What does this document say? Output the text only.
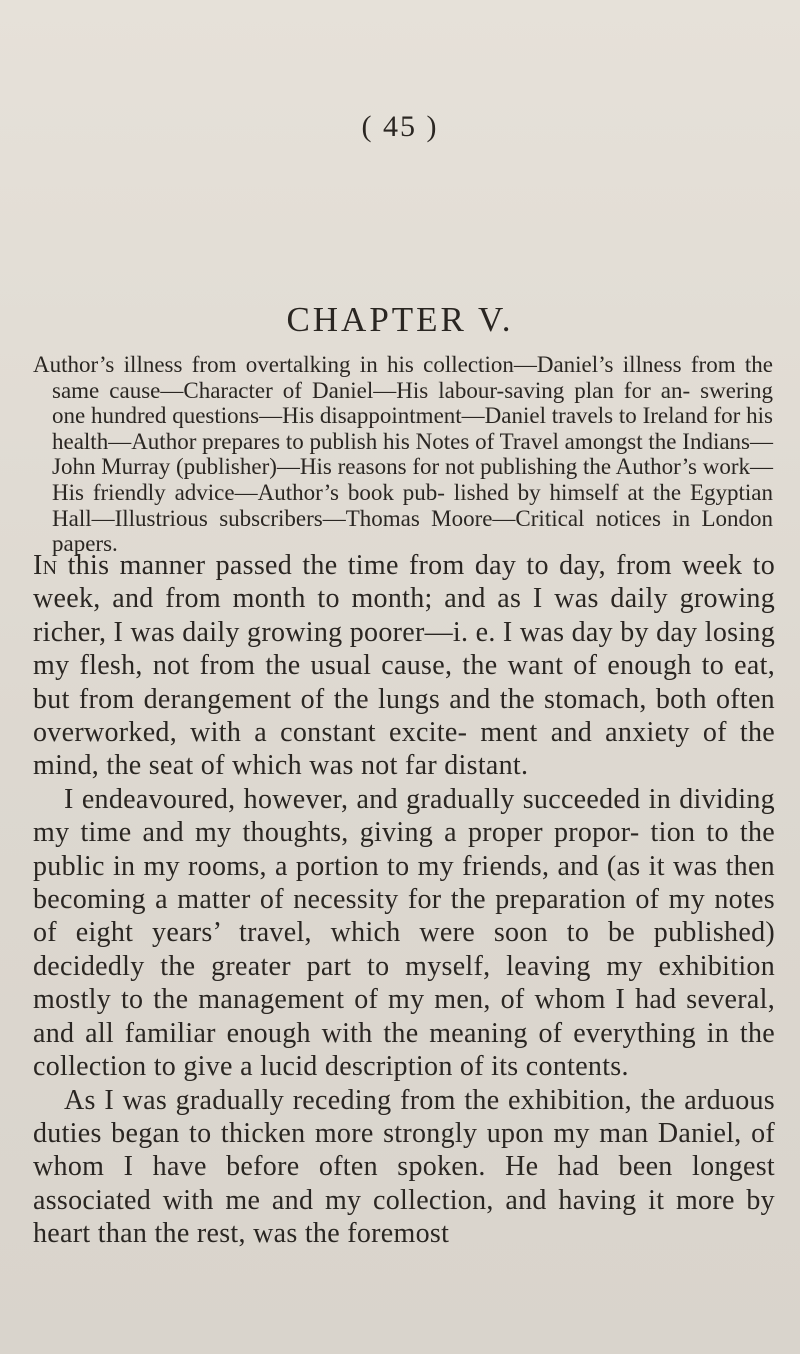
( 45 )
CHAPTER V.

Author’s illness from overtalking in his collection—Daniel’s illness from the same cause—Character of Daniel—His labour-saving plan for an- swering one hundred questions—His disappointment—Daniel travels to Ireland for his health—Author prepares to publish his Notes of Travel amongst the Indians—John Murray (publisher)—His reasons for not publishing the Author’s work—His friendly advice—Author’s book pub- lished by himself at the Egyptian Hall—Illustrious subscribers—Thomas Moore—Critical notices in London papers.

In this manner passed the time from day to day, from week to week, and from month to month; and as I was daily growing richer, I was daily growing poorer—i. e. I was day by day losing my flesh, not from the usual cause, the want of enough to eat, but from derangement of the lungs and the stomach, both often overworked, with a constant excite- ment and anxiety of the mind, the seat of which was not far distant.

I endeavoured, however, and gradually succeeded in dividing my time and my thoughts, giving a proper propor- tion to the public in my rooms, a portion to my friends, and (as it was then becoming a matter of necessity for the preparation of my notes of eight years’ travel, which were soon to be published) decidedly the greater part to myself, leaving my exhibition mostly to the management of my men, of whom I had several, and all familiar enough with the meaning of everything in the collection to give a lucid description of its contents.

As I was gradually receding from the exhibition, the arduous duties began to thicken more strongly upon my man Daniel, of whom I have before often spoken. He had been longest associated with me and my collection, and having it more by heart than the rest, was the foremost
